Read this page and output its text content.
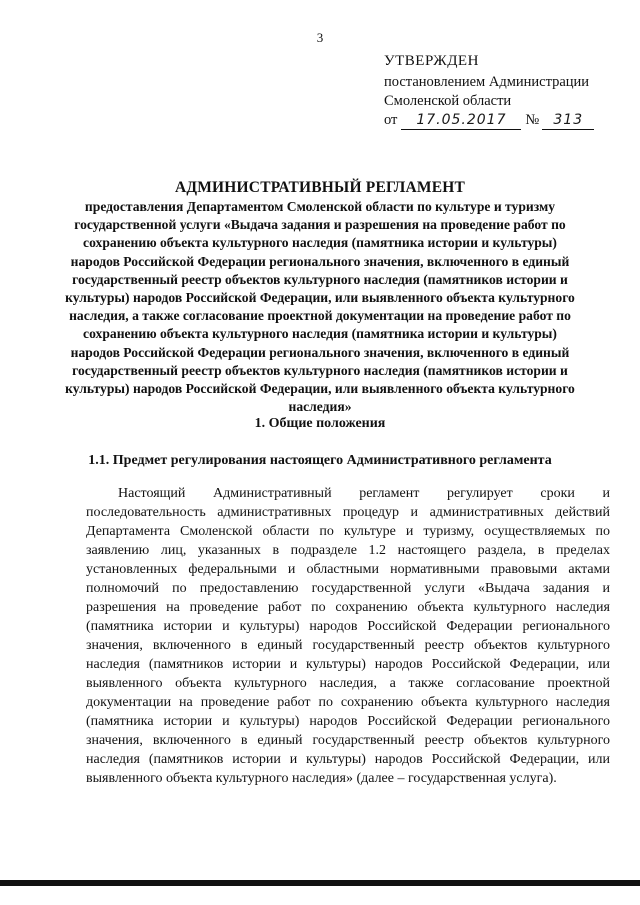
3
УТВЕРЖДЕН
постановлением Администрации
Смоленской области
от	17.05.2017	№	313
АДМИНИСТРАТИВНЫЙ РЕГЛАМЕНТ

предоставления Департаментом Смоленской области по культуре и туризму государственной услуги «Выдача задания и разрешения на проведение работ по сохранению объекта культурного наследия (памятника истории и культуры) народов Российской Федерации регионального значения, включенного в единый государственный реестр объектов культурного наследия (памятников истории и культуры) народов Российской Федерации, или выявленного объекта культурного наследия, а также согласование проектной документации на проведение работ по сохранению объекта культурного наследия (памятника истории и культуры) народов Российской Федерации регионального значения, включенного в единый государственный реестр объектов культурного наследия (памятников истории и культуры) народов Российской Федерации, или выявленного объекта культурного наследия»

1. Общие положения
1.1. Предмет регулирования настоящего Административного регламента

Настоящий Административный регламент регулирует сроки и последовательность административных процедур и административных действий Департамента Смоленской области по культуре и туризму, осуществляемых по заявлению лиц, указанных в подразделе 1.2 настоящего раздела, в пределах установленных федеральными и областными нормативными правовыми актами полномочий по предоставлению государственной услуги «Выдача задания и разрешения на проведение работ по сохранению объекта культурного наследия (памятника истории и культуры) народов Российской Федерации регионального значения, включенного в единый государственный реестр объектов культурного наследия (памятников истории и культуры) народов Российской Федерации, или выявленного объекта культурного наследия, а также согласование проектной документации на проведение работ по сохранению объекта культурного наследия (памятника истории и культуры) народов Российской Федерации регионального значения, включенного в единый государственный реестр объектов культурного наследия (памятников истории и культуры) народов Российской Федерации, или выявленного объекта культурного наследия» (далее – государственная услуга).
